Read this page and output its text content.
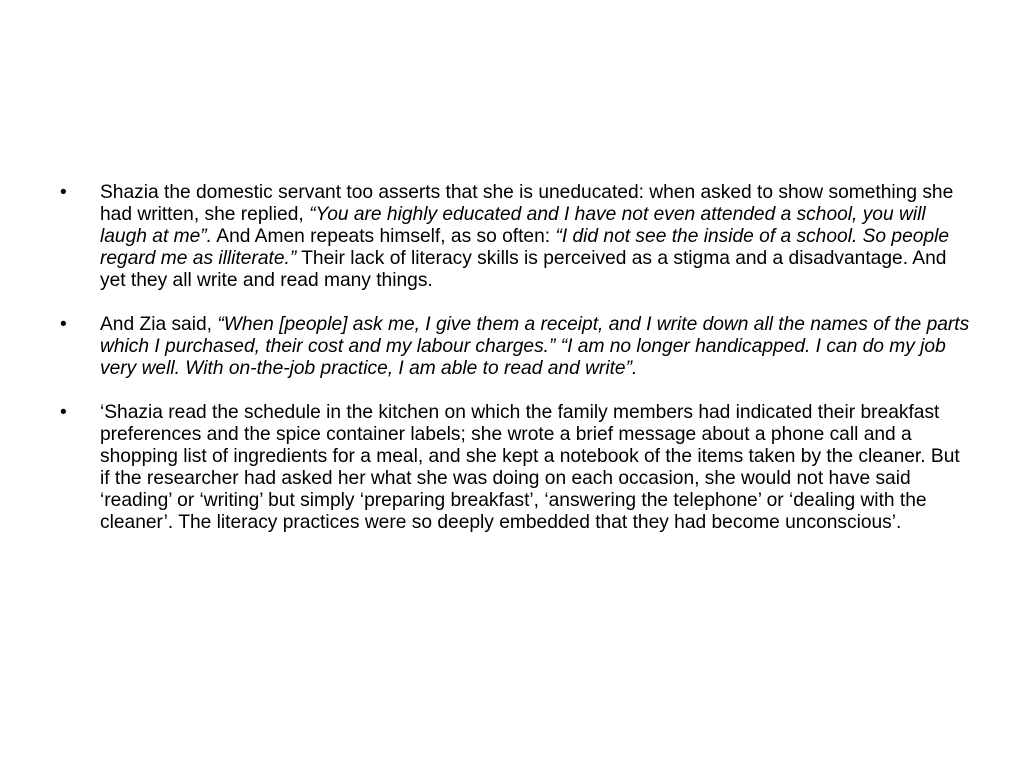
•	Shazia the domestic servant too asserts that she is uneducated: when asked to show something she had written, she replied, “You are highly educated and I have not even attended a school, you will laugh at me”. And Amen repeats himself, as so often: “I did not see the inside of a school. So people regard me as illiterate.” Their lack of literacy skills is perceived as a stigma and a disadvantage. And yet they all write and read many things.
•	And Zia said, “When [people] ask me, I give them a receipt, and I write down all the names of the parts which I purchased, their cost and my labour charges.” “I am no longer handicapped. I can do my job very well. With on-the-job practice, I am able to read and write”.
•	‘Shazia read the schedule in the kitchen on which the family members had indicated their breakfast preferences and the spice container labels; she wrote a brief message about a phone call and a shopping list of ingredients for a meal, and she kept a notebook of the items taken by the cleaner. But if the researcher had asked her what she was doing on each occasion, she would not have said ‘reading’ or ‘writing’ but simply ‘preparing breakfast’, ‘answering the telephone’ or ‘dealing with the cleaner’. The literacy practices were so deeply embedded that they had become unconscious’.
